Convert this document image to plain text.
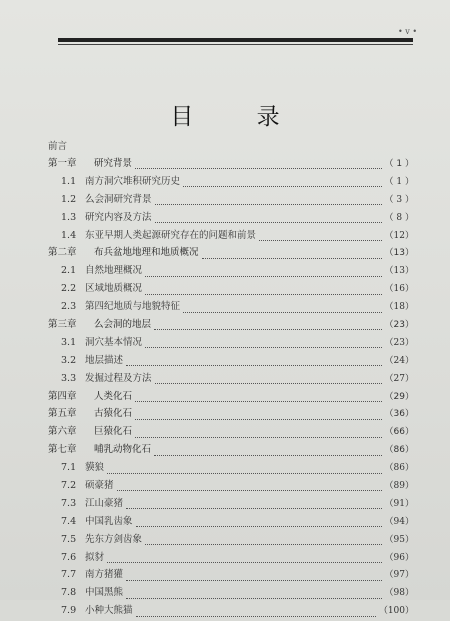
• v •
目 录
前言
第一章	研究背景	（ 1 ）
1.1 南方洞穴堆积研究历史	（ 1 ）
1.2 么会洞研究背景	（ 3 ）
1.3 研究内容及方法	（ 8 ）
1.4 东亚早期人类起源研究存在的问题和前景	（12）
第二章	布兵盆地地理和地质概况	（13）
2.1 自然地理概况	（13）
2.2 区域地质概况	（16）
2.3 第四纪地质与地貌特征	（18）
第三章	么会洞的地层	（23）
3.1 洞穴基本情况	（23）
3.2 地层描述	（24）
3.3 发掘过程及方法	（27）
第四章	人类化石	（29）
第五章	古猿化石	（36）
第六章	巨猿化石	（66）
第七章	哺乳动物化石	（86）
7.1 貘狼	（86）
7.2 硕豪猪	（89）
7.3 江山豪猪	（91）
7.4 中国乳齿象	（94）
7.5 先东方剑齿象	（95）
7.6 拟豺	（96）
7.7 南方猪獾	（97）
7.8 中国黑熊	（98）
7.9 小种大熊猫	（100）
